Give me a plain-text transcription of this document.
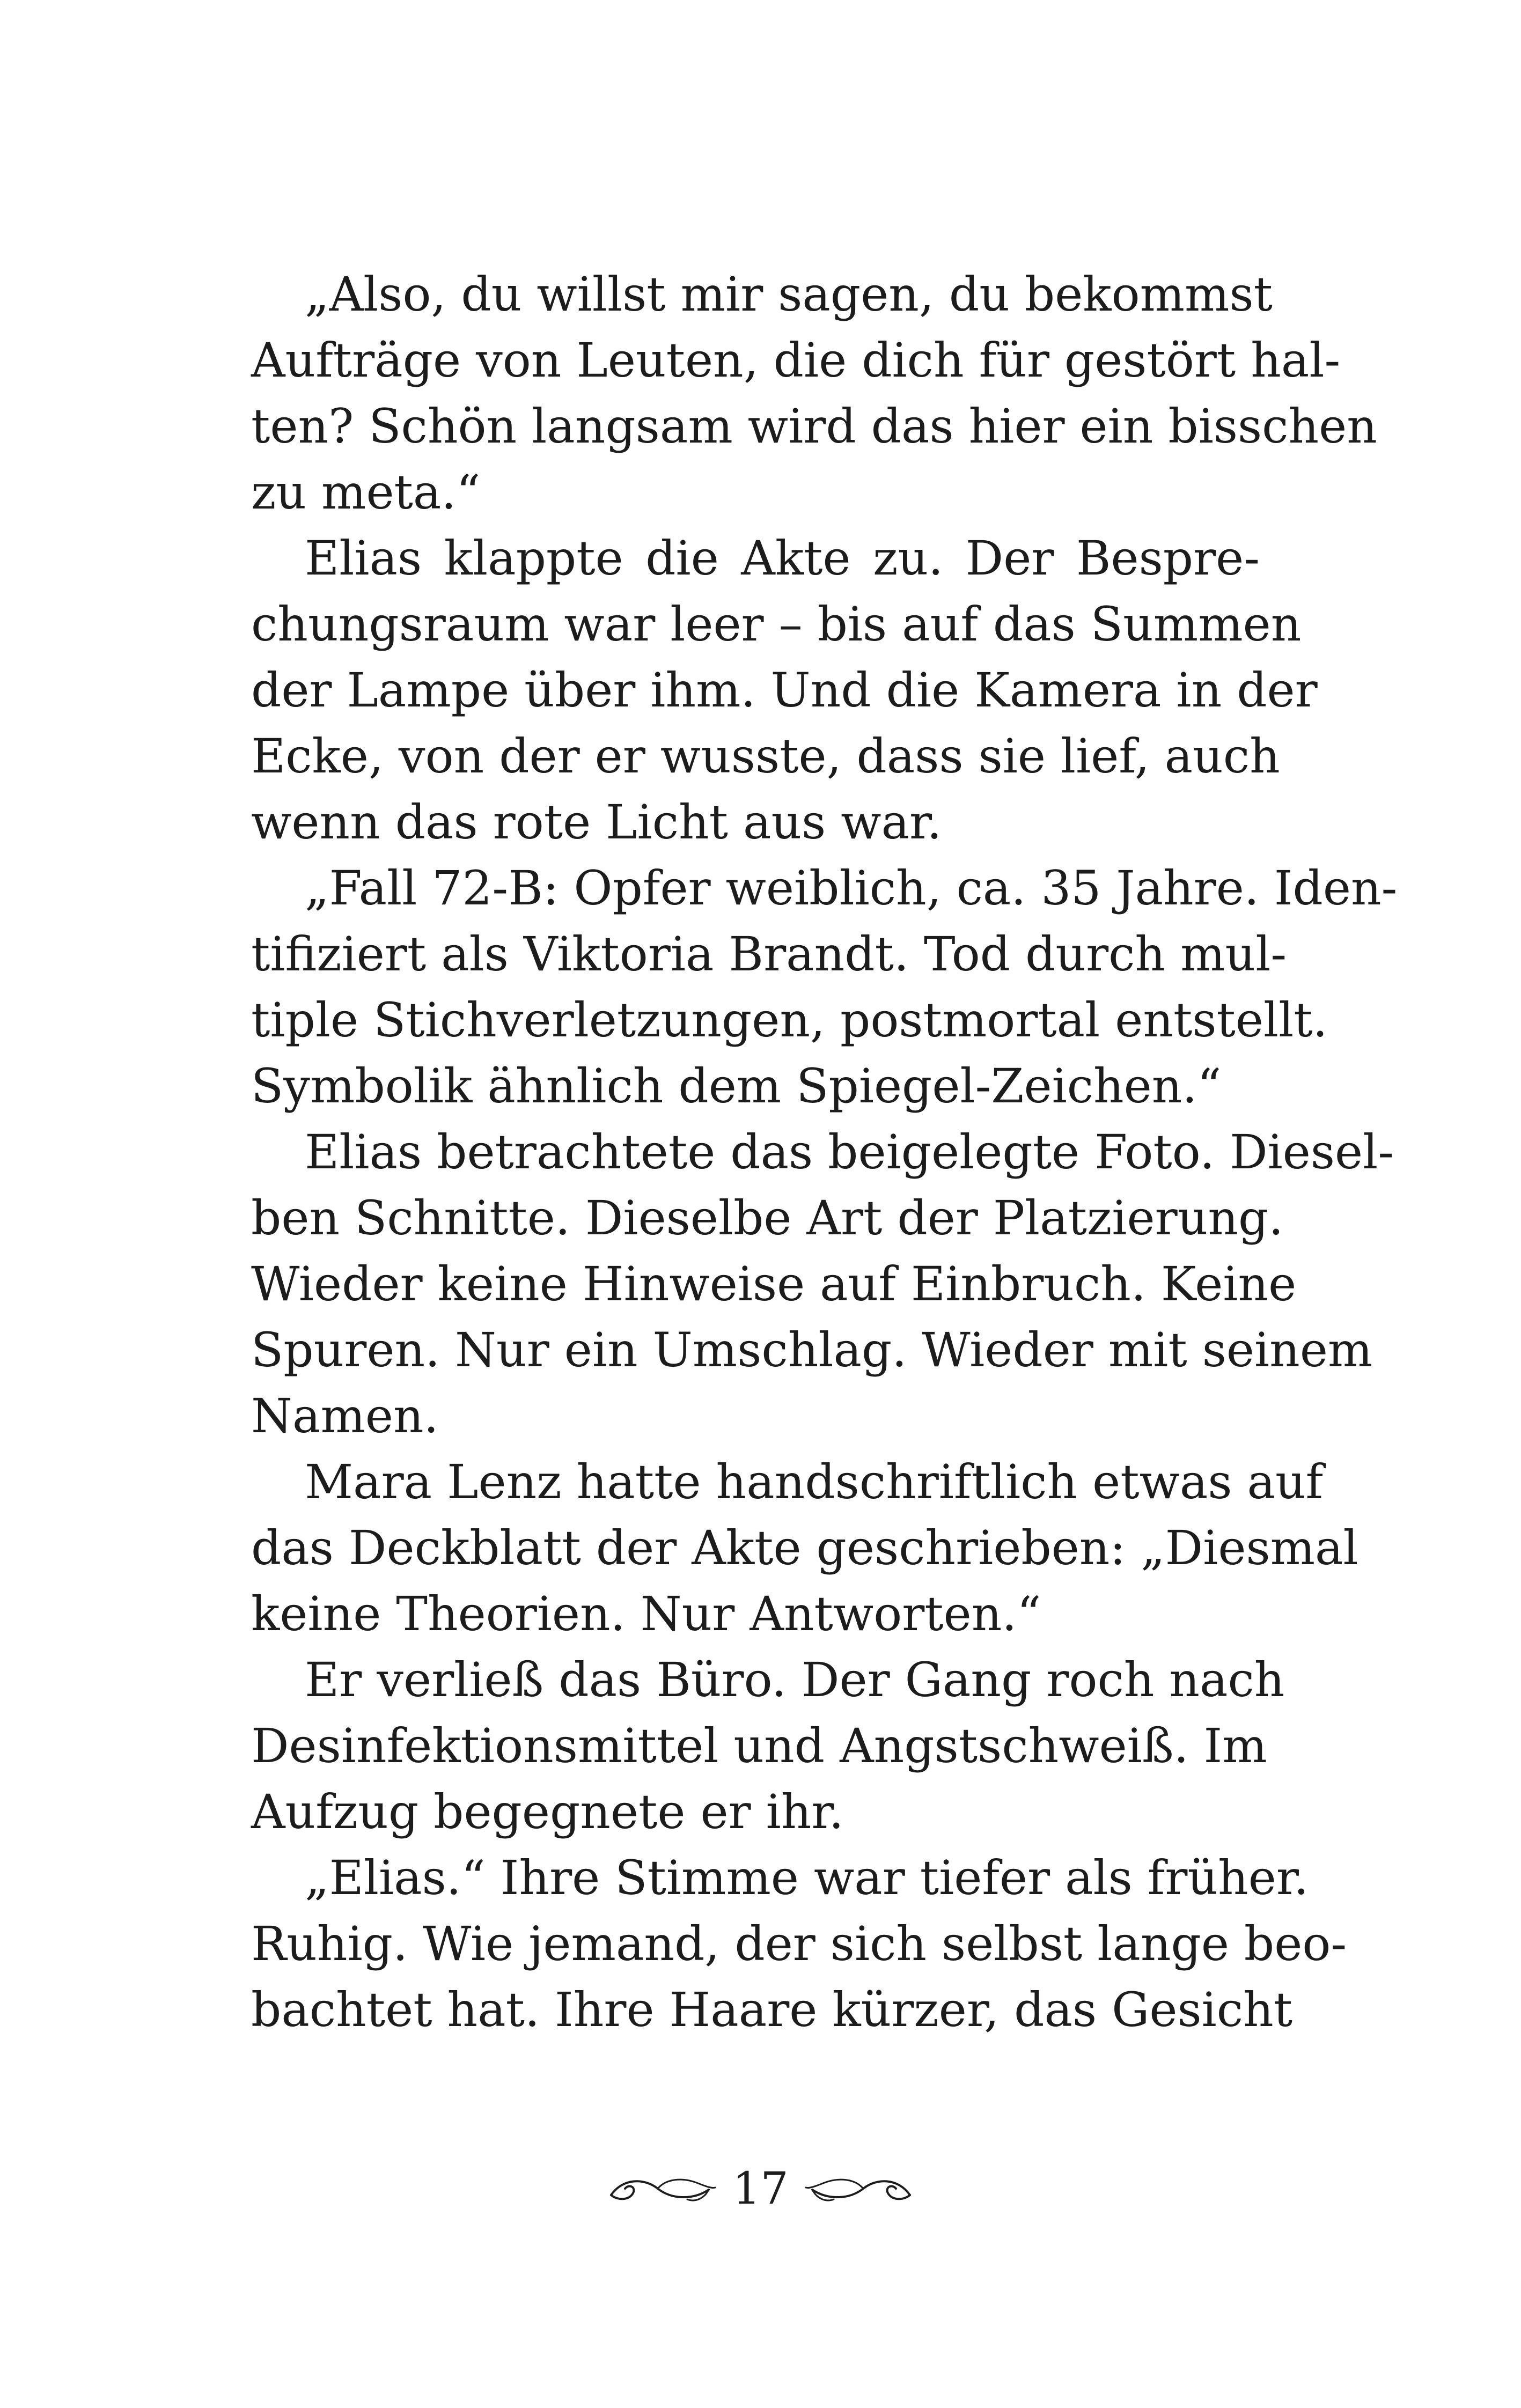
„Also, du willst mir sagen, du bekommst
Aufträge von Leuten, die dich für gestört hal-
ten? Schön langsam wird das hier ein bisschen
zu meta.“
Elias klappte die Akte zu. Der Bespre-
chungsraum war leer – bis auf das Summen
der Lampe über ihm. Und die Kamera in der
Ecke, von der er wusste, dass sie lief, auch
wenn das rote Licht aus war.
„Fall 72-B: Opfer weiblich, ca. 35 Jahre. Iden-
tifiziert als Viktoria Brandt. Tod durch mul-
tiple Stichverletzungen, postmortal entstellt.
Symbolik ähnlich dem Spiegel-Zeichen.“
Elias betrachtete das beigelegte Foto. Diesel-
ben Schnitte. Dieselbe Art der Platzierung.
Wieder keine Hinweise auf Einbruch. Keine
Spuren. Nur ein Umschlag. Wieder mit seinem
Namen.
Mara Lenz hatte handschriftlich etwas auf
das Deckblatt der Akte geschrieben: „Diesmal
keine Theorien. Nur Antworten.“
Er verließ das Büro. Der Gang roch nach
Desinfektionsmittel und Angstschweiß. Im
Aufzug begegnete er ihr.
„Elias.“ Ihre Stimme war tiefer als früher.
Ruhig. Wie jemand, der sich selbst lange beo-
bachtet hat. Ihre Haare kürzer, das Gesicht
17
